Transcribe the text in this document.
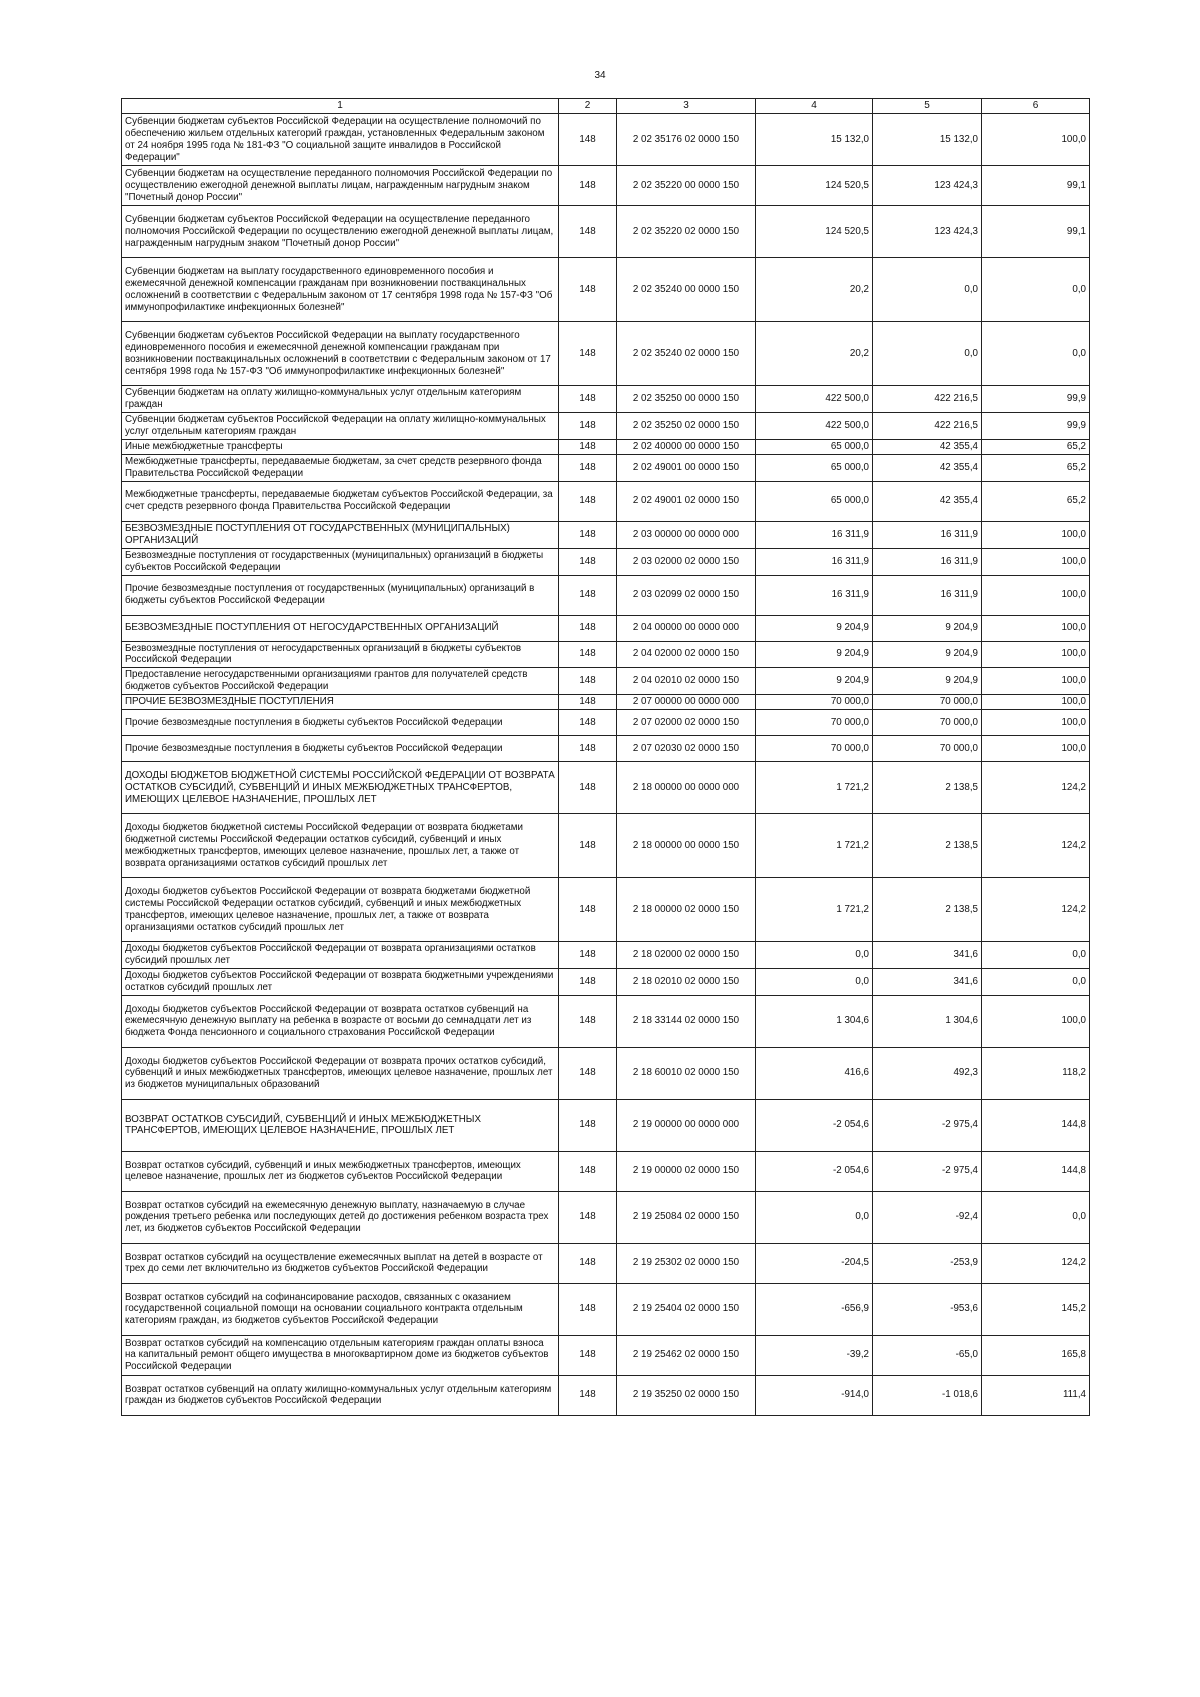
34
1	2	3	4	5	6
Субвенции бюджетам субъектов Российской Федерации на осуществление полномочий по обеспечению жильем отдельных категорий граждан, установленных Федеральным законом от 24 ноября 1995 года № 181-ФЗ "О социальной защите инвалидов в Российской Федерации"	148	2 02 35176 02 0000 150	15 132,0	15 132,0	100,0
Субвенции бюджетам на осуществление переданного полномочия Российской Федерации по осуществлению ежегодной денежной выплаты лицам, награжденным нагрудным знаком "Почетный донор России"	148	2 02 35220 00 0000 150	124 520,5	123 424,3	99,1
Субвенции бюджетам субъектов Российской Федерации на осуществление переданного полномочия Российской Федерации по осуществлению ежегодной денежной выплаты лицам, награжденным нагрудным знаком "Почетный донор России"	148	2 02 35220 02 0000 150	124 520,5	123 424,3	99,1
Субвенции бюджетам на выплату государственного единовременного пособия и ежемесячной денежной компенсации гражданам при возникновении поствакцинальных осложнений в соответствии с Федеральным законом от 17 сентября 1998 года № 157-ФЗ "Об иммунопрофилактике инфекционных болезней"	148	2 02 35240 00 0000 150	20,2	0,0	0,0
Субвенции бюджетам субъектов Российской Федерации на выплату государственного единовременного пособия и ежемесячной денежной компенсации гражданам при возникновении поствакцинальных осложнений в соответствии с Федеральным законом от 17 сентября 1998 года № 157-ФЗ "Об иммунопрофилактике инфекционных болезней"	148	2 02 35240 02 0000 150	20,2	0,0	0,0
Субвенции бюджетам на оплату жилищно-коммунальных услуг отдельным категориям граждан	148	2 02 35250 00 0000 150	422 500,0	422 216,5	99,9
Субвенции бюджетам субъектов Российской Федерации на оплату жилищно-коммунальных услуг отдельным категориям граждан	148	2 02 35250 02 0000 150	422 500,0	422 216,5	99,9
Иные межбюджетные трансферты	148	2 02 40000 00 0000 150	65 000,0	42 355,4	65,2
Межбюджетные трансферты, передаваемые бюджетам, за счет средств резервного фонда Правительства Российской Федерации	148	2 02 49001 00 0000 150	65 000,0	42 355,4	65,2
Межбюджетные трансферты, передаваемые бюджетам субъектов Российской Федерации, за счет средств резервного фонда Правительства Российской Федерации	148	2 02 49001 02 0000 150	65 000,0	42 355,4	65,2
БЕЗВОЗМЕЗДНЫЕ ПОСТУПЛЕНИЯ ОТ ГОСУДАРСТВЕННЫХ (МУНИЦИПАЛЬНЫХ) ОРГАНИЗАЦИЙ	148	2 03 00000 00 0000 000	16 311,9	16 311,9	100,0
Безвозмездные поступления от государственных (муниципальных) организаций в бюджеты субъектов Российской Федерации	148	2 03 02000 02 0000 150	16 311,9	16 311,9	100,0
Прочие безвозмездные поступления от государственных (муниципальных) организаций в бюджеты субъектов Российской Федерации	148	2 03 02099 02 0000 150	16 311,9	16 311,9	100,0
БЕЗВОЗМЕЗДНЫЕ ПОСТУПЛЕНИЯ ОТ НЕГОСУДАРСТВЕННЫХ ОРГАНИЗАЦИЙ	148	2 04 00000 00 0000 000	9 204,9	9 204,9	100,0
Безвозмездные поступления от негосударственных организаций в бюджеты субъектов Российской Федерации	148	2 04 02000 02 0000 150	9 204,9	9 204,9	100,0
Предоставление негосударственными организациями грантов для получателей средств бюджетов субъектов Российской Федерации	148	2 04 02010 02 0000 150	9 204,9	9 204,9	100,0
ПРОЧИЕ БЕЗВОЗМЕЗДНЫЕ ПОСТУПЛЕНИЯ	148	2 07 00000 00 0000 000	70 000,0	70 000,0	100,0
Прочие безвозмездные поступления в бюджеты субъектов Российской Федерации	148	2 07 02000 02 0000 150	70 000,0	70 000,0	100,0
Прочие безвозмездные поступления в бюджеты субъектов Российской Федерации	148	2 07 02030 02 0000 150	70 000,0	70 000,0	100,0
ДОХОДЫ БЮДЖЕТОВ БЮДЖЕТНОЙ СИСТЕМЫ РОССИЙСКОЙ ФЕДЕРАЦИИ ОТ ВОЗВРАТА ОСТАТКОВ СУБСИДИЙ, СУБВЕНЦИЙ И ИНЫХ МЕЖБЮДЖЕТНЫХ ТРАНСФЕРТОВ, ИМЕЮЩИХ ЦЕЛЕВОЕ НАЗНАЧЕНИЕ, ПРОШЛЫХ ЛЕТ	148	2 18 00000 00 0000 000	1 721,2	2 138,5	124,2
Доходы бюджетов бюджетной системы Российской Федерации от возврата бюджетами бюджетной системы Российской Федерации остатков субсидий, субвенций и иных межбюджетных трансфертов, имеющих целевое назначение, прошлых лет, а также от возврата организациями остатков субсидий прошлых лет	148	2 18 00000 00 0000 150	1 721,2	2 138,5	124,2
Доходы бюджетов субъектов Российской Федерации от возврата бюджетами бюджетной системы Российской Федерации остатков субсидий, субвенций и иных межбюджетных трансфертов, имеющих целевое назначение, прошлых лет, а также от возврата организациями остатков субсидий прошлых лет	148	2 18 00000 02 0000 150	1 721,2	2 138,5	124,2
Доходы бюджетов субъектов Российской Федерации от возврата организациями остатков субсидий прошлых лет	148	2 18 02000 02 0000 150	0,0	341,6	0,0
Доходы бюджетов субъектов Российской Федерации от возврата бюджетными учреждениями остатков субсидий прошлых лет	148	2 18 02010 02 0000 150	0,0	341,6	0,0
Доходы бюджетов субъектов Российской Федерации от возврата остатков субвенций на ежемесячную денежную выплату на ребенка в возрасте от восьми до семнадцати лет из бюджета Фонда пенсионного и социального страхования Российской Федерации	148	2 18 33144 02 0000 150	1 304,6	1 304,6	100,0
Доходы бюджетов субъектов Российской Федерации от возврата прочих остатков субсидий, субвенций и иных межбюджетных трансфертов, имеющих целевое назначение, прошлых лет из бюджетов муниципальных образований	148	2 18 60010 02 0000 150	416,6	492,3	118,2
ВОЗВРАТ ОСТАТКОВ СУБСИДИЙ, СУБВЕНЦИЙ И ИНЫХ МЕЖБЮДЖЕТНЫХ ТРАНСФЕРТОВ, ИМЕЮЩИХ ЦЕЛЕВОЕ НАЗНАЧЕНИЕ, ПРОШЛЫХ ЛЕТ	148	2 19 00000 00 0000 000	-2 054,6	-2 975,4	144,8
Возврат остатков субсидий, субвенций и иных межбюджетных трансфертов, имеющих целевое назначение, прошлых лет из бюджетов субъектов Российской Федерации	148	2 19 00000 02 0000 150	-2 054,6	-2 975,4	144,8
Возврат остатков субсидий на ежемесячную денежную выплату, назначаемую в случае рождения третьего ребенка или последующих детей до достижения ребенком возраста трех лет, из бюджетов субъектов Российской Федерации	148	2 19 25084 02 0000 150	0,0	-92,4	0,0
Возврат остатков субсидий на осуществление ежемесячных выплат на детей в возрасте от трех до семи лет включительно из бюджетов субъектов Российской Федерации	148	2 19 25302 02 0000 150	-204,5	-253,9	124,2
Возврат остатков субсидий на софинансирование расходов, связанных с оказанием государственной социальной помощи на основании социального контракта отдельным категориям граждан, из бюджетов субъектов Российской Федерации	148	2 19 25404 02 0000 150	-656,9	-953,6	145,2
Возврат остатков субсидий на компенсацию отдельным категориям граждан оплаты взноса на капитальный ремонт общего имущества в многоквартирном доме из бюджетов субъектов Российской Федерации	148	2 19 25462 02 0000 150	-39,2	-65,0	165,8
Возврат остатков субвенций на оплату жилищно-коммунальных услуг отдельным категориям граждан из бюджетов субъектов Российской Федерации	148	2 19 35250 02 0000 150	-914,0	-1 018,6	111,4
